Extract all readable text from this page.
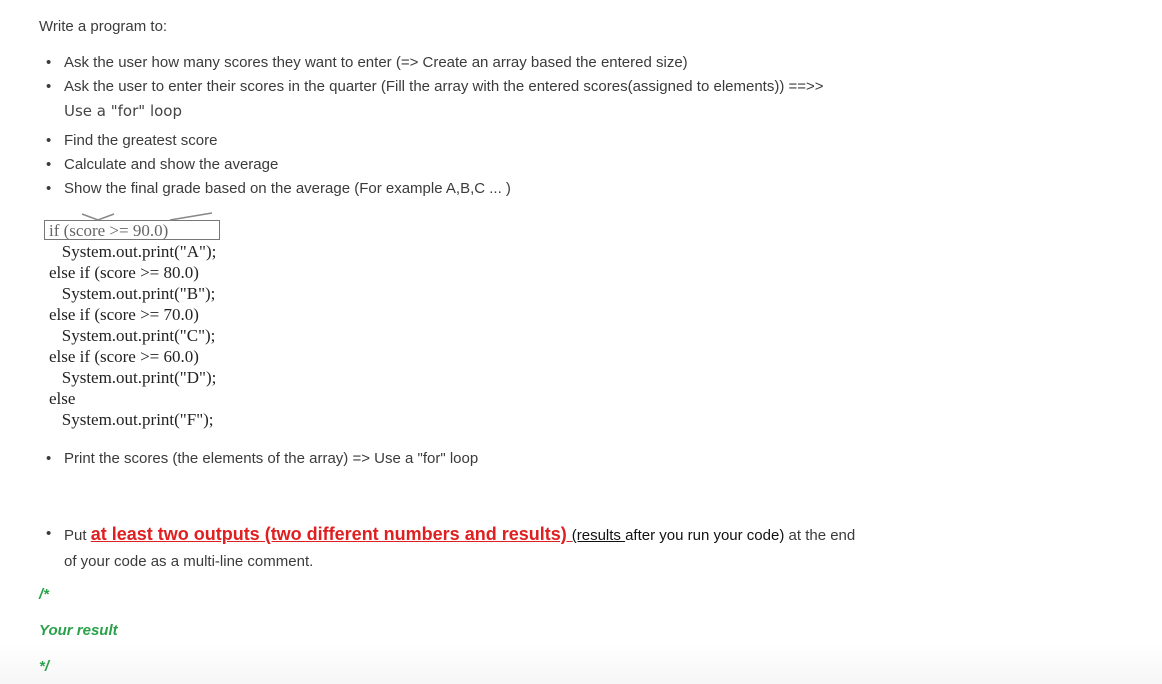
Write a program to:
• Ask the user how many scores they want to enter (=> Create an array based the entered size)
• Ask the user to enter their scores in the quarter (Fill the array with the entered scores(assigned to elements)) ==>>
Use a "for" loop
• Find the greatest score
• Calculate and show the average
• Show the final grade based on the average (For example A,B,C ... )
if (score >= 90.0)
System.out.print("A");
else if (score >= 80.0)
System.out.print("B");
else if (score >= 70.0)
System.out.print("C");
else if (score >= 60.0)
System.out.print("D");
else
System.out.print("F");
• Print the scores (the elements of the array) => Use a "for" loop
• Put at least two outputs (two different numbers and results) (results after you run your code) at the end
of your code as a multi-line comment.
/*
Your result
*/
